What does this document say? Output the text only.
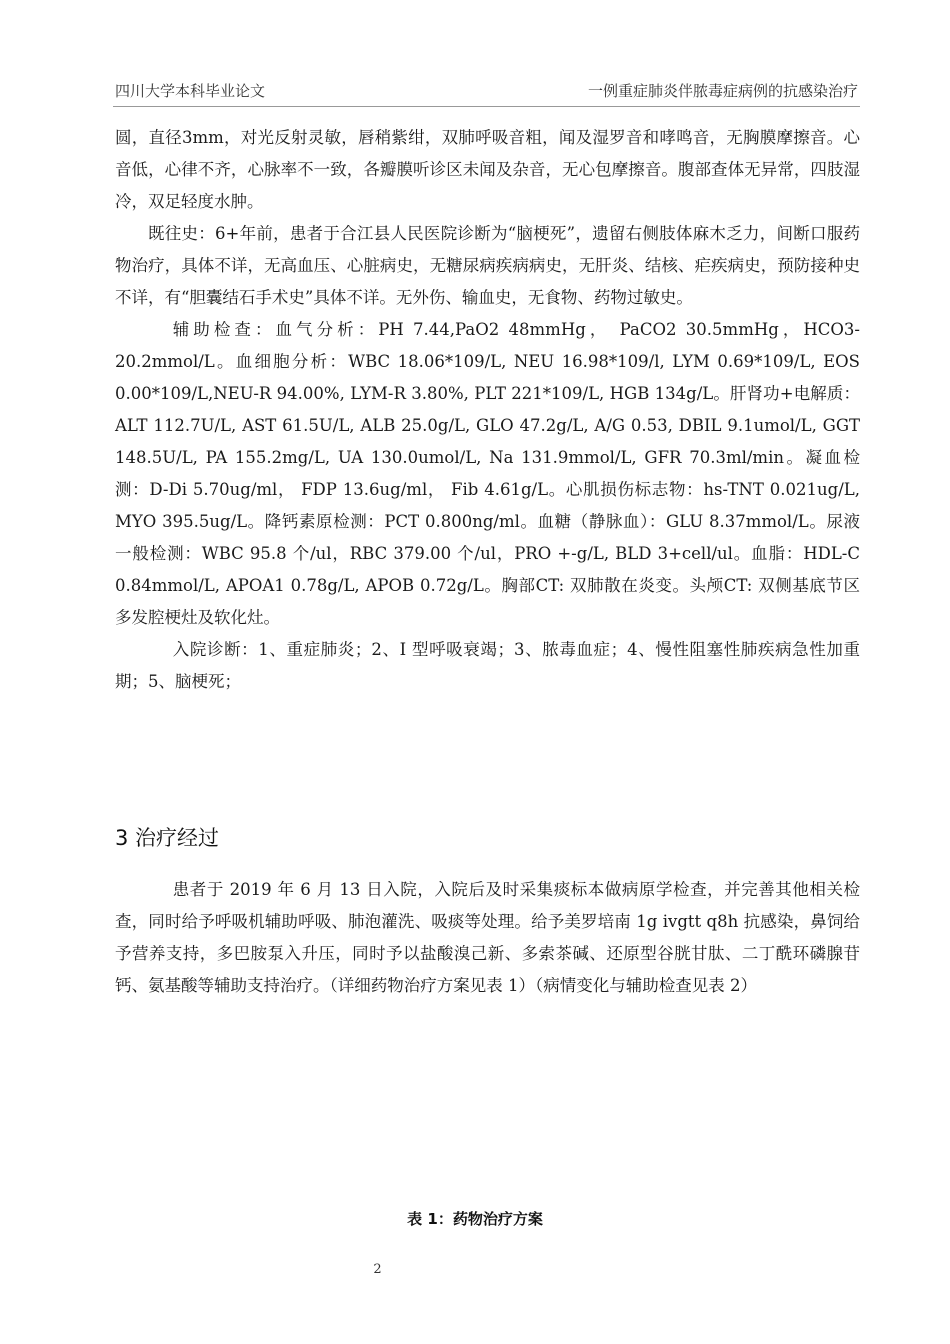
四川大学本科毕业论文	一例重症肺炎伴脓毒症病例的抗感染治疗

圆，直径3mm，对光反射灵敏，唇稍紫绀，双肺呼吸音粗，闻及湿罗音和哮鸣音，无胸膜摩擦音。心音低，心律不齐，心脉率不一致，各瓣膜听诊区未闻及杂音，无心包摩擦音。腹部查体无异常，四肢湿冷，双足轻度水肿。

既往史：6+年前，患者于合江县人民医院诊断为“脑梗死”，遗留右侧肢体麻木乏力，间断口服药物治疗，具体不详，无高血压、心脏病史，无糖尿病疾病病史，无肝炎、结核、疟疾病史，预防接种史不详，有“胆囊结石手术史”具体不详。无外伤、输血史，无食物、药物过敏史。

辅助检查：血气分析：PH 7.44,PaO2 48mmHg， PaCO2 30.5mmHg，HCO3- 20.2mmol/L。血细胞分析：WBC 18.06*109/L, NEU 16.98*109/l, LYM 0.69*109/L, EOS 0.00*109/L,NEU-R 94.00%, LYM-R 3.80%, PLT 221*109/L, HGB 134g/L。肝肾功+电解质：ALT 112.7U/L, AST 61.5U/L, ALB 25.0g/L, GLO 47.2g/L, A/G 0.53, DBIL 9.1umol/L, GGT 148.5U/L, PA 155.2mg/L, UA 130.0umol/L, Na 131.9mmol/L, GFR 70.3ml/min。凝血检测：D-Di 5.70ug/ml， FDP 13.6ug/ml， Fib 4.61g/L。心肌损伤标志物：hs-TNT 0.021ug/L, MYO 395.5ug/L。降钙素原检测：PCT 0.800ng/ml。血糖（静脉血）：GLU 8.37mmol/L。尿液一般检测：WBC 95.8 个/ul，RBC 379.00 个/ul，PRO +-g/L, BLD 3+cell/ul。血脂：HDL-C 0.84mmol/L, APOA1 0.78g/L, APOB 0.72g/L。胸部CT: 双肺散在炎变。头颅CT: 双侧基底节区多发腔梗灶及软化灶。

入院诊断：1、重症肺炎；2、I 型呼吸衰竭；3、脓毒血症；4、慢性阻塞性肺疾病急性加重期；5、脑梗死；

3 治疗经过

患者于 2019 年 6 月 13 日入院，入院后及时采集痰标本做病原学检查，并完善其他相关检查，同时给予呼吸机辅助呼吸、肺泡灌洗、吸痰等处理。给予美罗培南 1g ivgtt q8h 抗感染，鼻饲给予营养支持，多巴胺泵入升压，同时予以盐酸溴己新、多索茶碱、还原型谷胱甘肽、二丁酰环磷腺苷钙、氨基酸等辅助支持治疗。（详细药物治疗方案见表 1）（病情变化与辅助检查见表 2）

表 1：药物治疗方案
2
